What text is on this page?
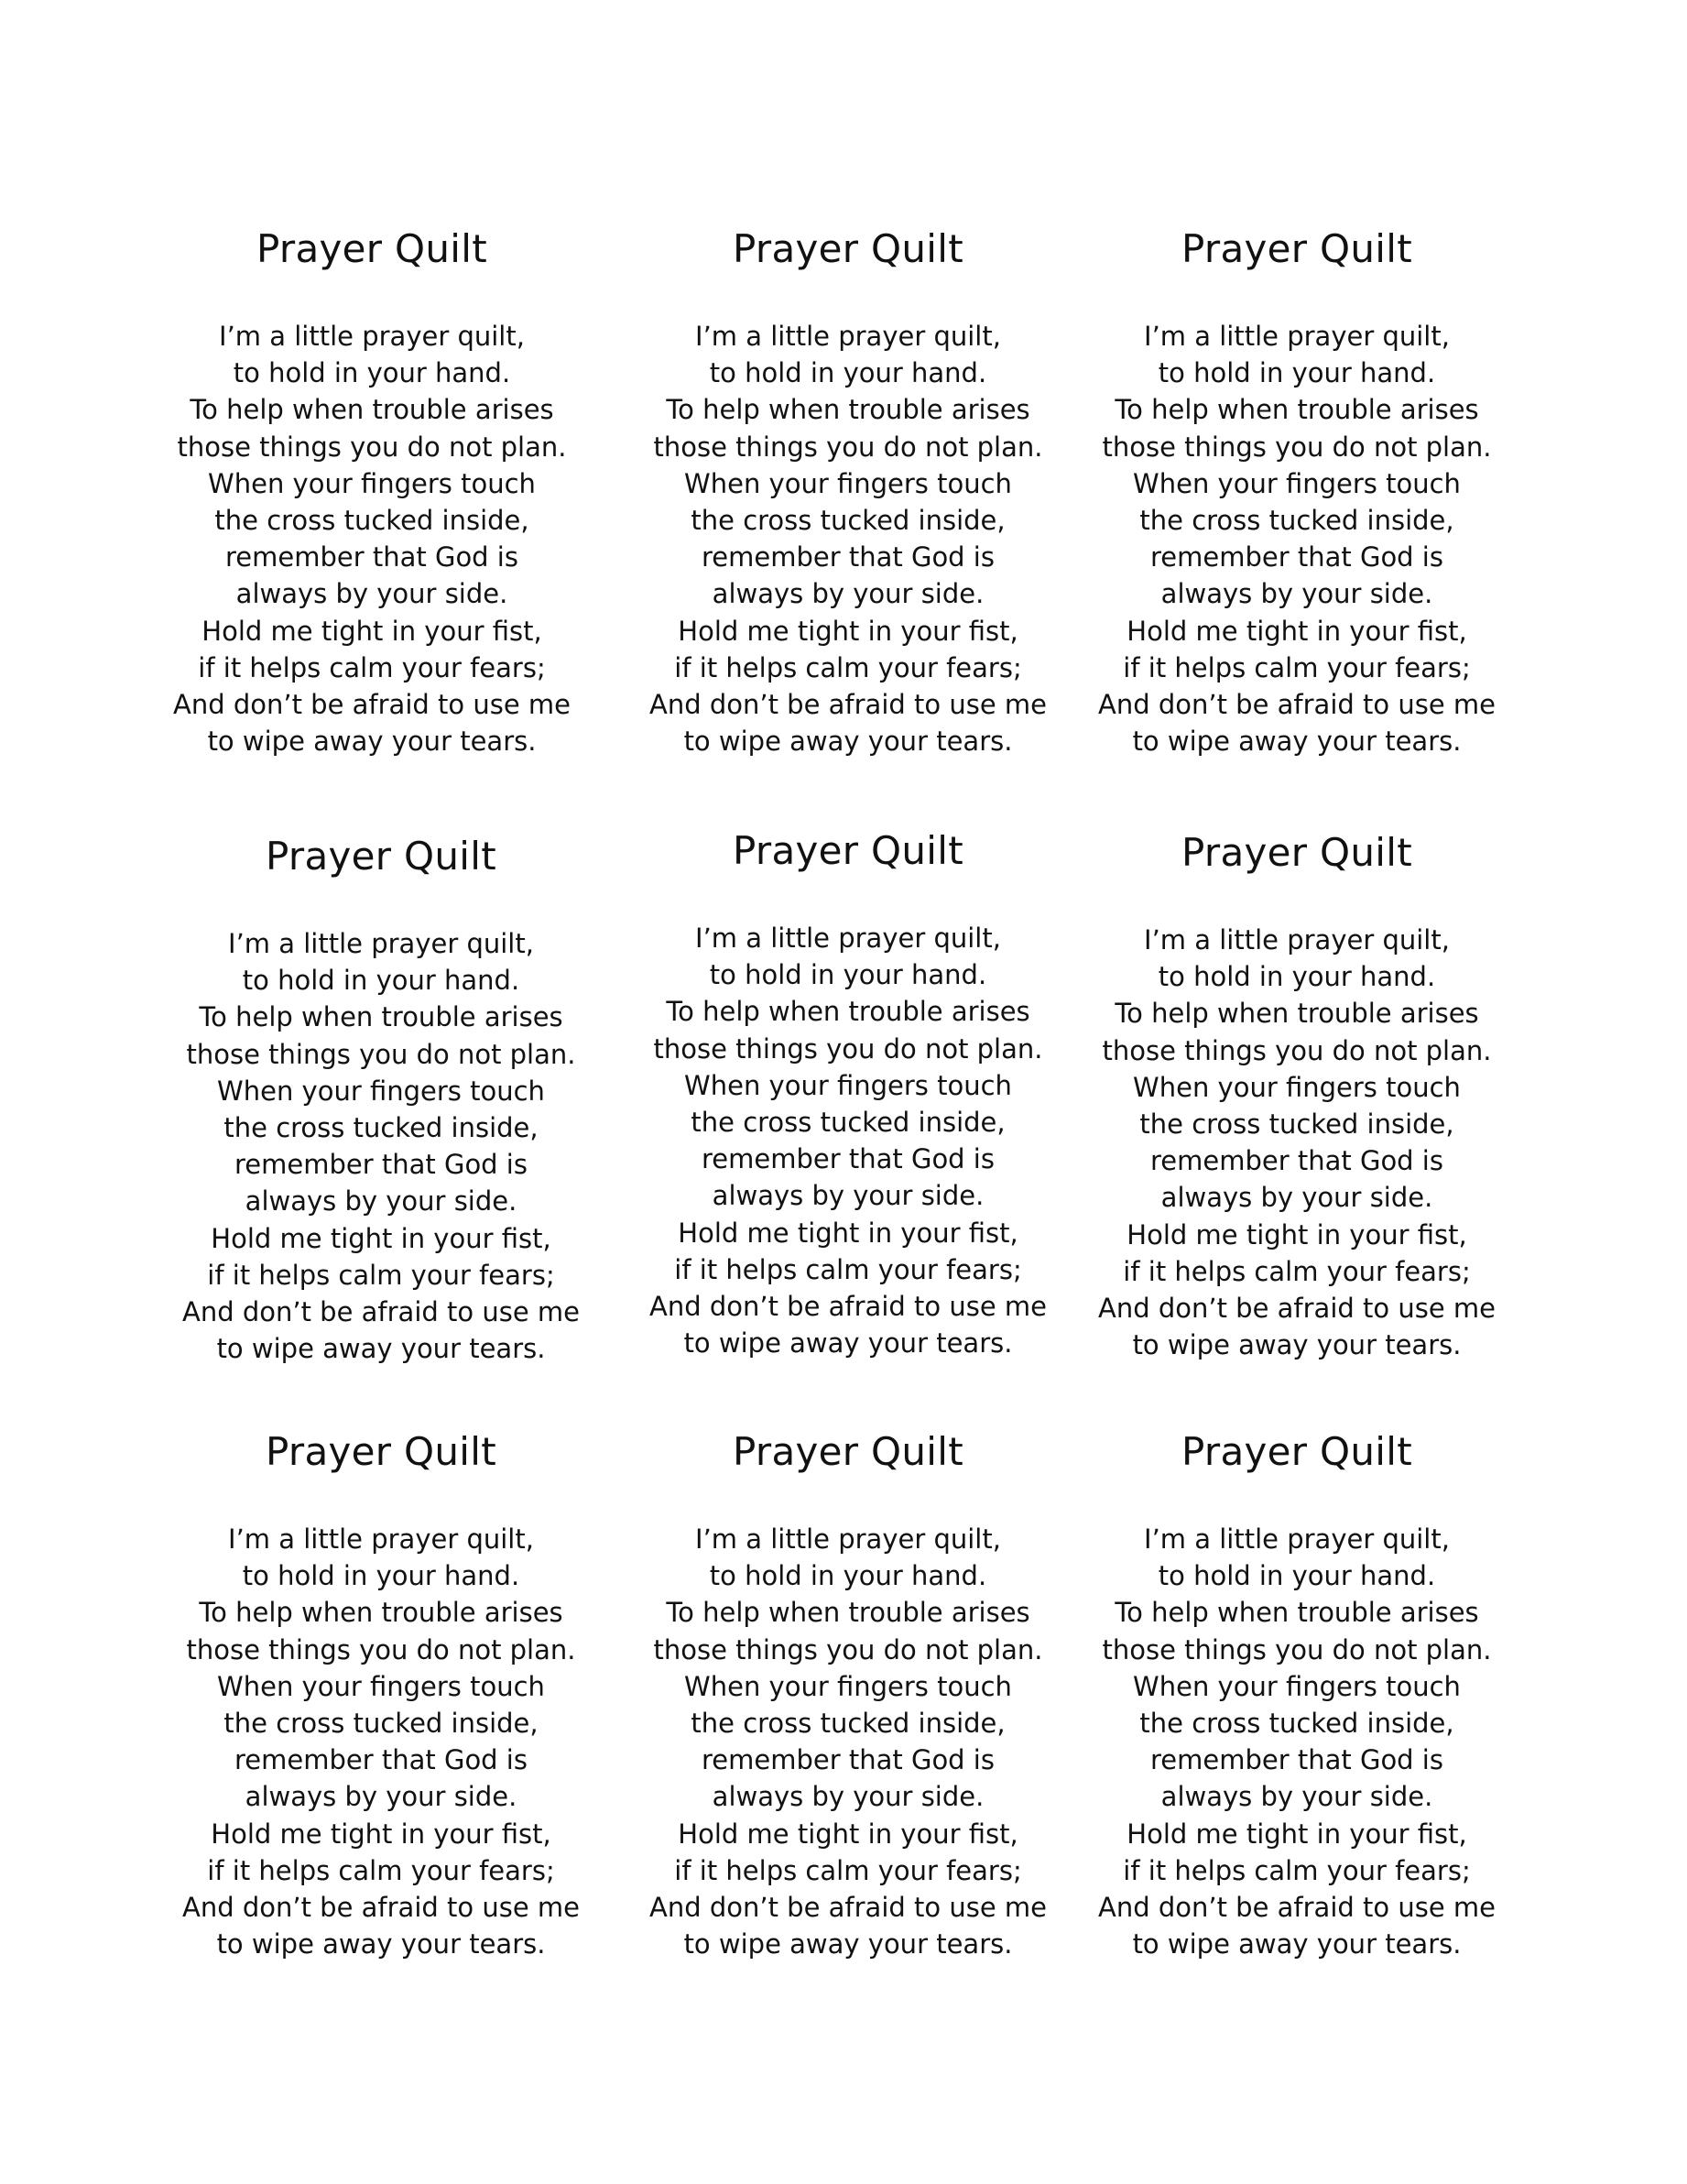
Prayer Quilt
I’m a little prayer quilt,
to hold in your hand.
To help when trouble arises
those things you do not plan.
When your fingers touch
the cross tucked inside,
remember that God is
always by your side.
Hold me tight in your fist,
if it helps calm your fears;
And don’t be afraid to use me
to wipe away your tears.
Prayer Quilt
I’m a little prayer quilt,
to hold in your hand.
To help when trouble arises
those things you do not plan.
When your fingers touch
the cross tucked inside,
remember that God is
always by your side.
Hold me tight in your fist,
if it helps calm your fears;
And don’t be afraid to use me
to wipe away your tears.
Prayer Quilt
I’m a little prayer quilt,
to hold in your hand.
To help when trouble arises
those things you do not plan.
When your fingers touch
the cross tucked inside,
remember that God is
always by your side.
Hold me tight in your fist,
if it helps calm your fears;
And don’t be afraid to use me
to wipe away your tears.
Prayer Quilt
I’m a little prayer quilt,
to hold in your hand.
To help when trouble arises
those things you do not plan.
When your fingers touch
the cross tucked inside,
remember that God is
always by your side.
Hold me tight in your fist,
if it helps calm your fears;
And don’t be afraid to use me
to wipe away your tears.
Prayer Quilt
I’m a little prayer quilt,
to hold in your hand.
To help when trouble arises
those things you do not plan.
When your fingers touch
the cross tucked inside,
remember that God is
always by your side.
Hold me tight in your fist,
if it helps calm your fears;
And don’t be afraid to use me
to wipe away your tears.
Prayer Quilt
I’m a little prayer quilt,
to hold in your hand.
To help when trouble arises
those things you do not plan.
When your fingers touch
the cross tucked inside,
remember that God is
always by your side.
Hold me tight in your fist,
if it helps calm your fears;
And don’t be afraid to use me
to wipe away your tears.
Prayer Quilt
I’m a little prayer quilt,
to hold in your hand.
To help when trouble arises
those things you do not plan.
When your fingers touch
the cross tucked inside,
remember that God is
always by your side.
Hold me tight in your fist,
if it helps calm your fears;
And don’t be afraid to use me
to wipe away your tears.
Prayer Quilt
I’m a little prayer quilt,
to hold in your hand.
To help when trouble arises
those things you do not plan.
When your fingers touch
the cross tucked inside,
remember that God is
always by your side.
Hold me tight in your fist,
if it helps calm your fears;
And don’t be afraid to use me
to wipe away your tears.
Prayer Quilt
I’m a little prayer quilt,
to hold in your hand.
To help when trouble arises
those things you do not plan.
When your fingers touch
the cross tucked inside,
remember that God is
always by your side.
Hold me tight in your fist,
if it helps calm your fears;
And don’t be afraid to use me
to wipe away your tears.
